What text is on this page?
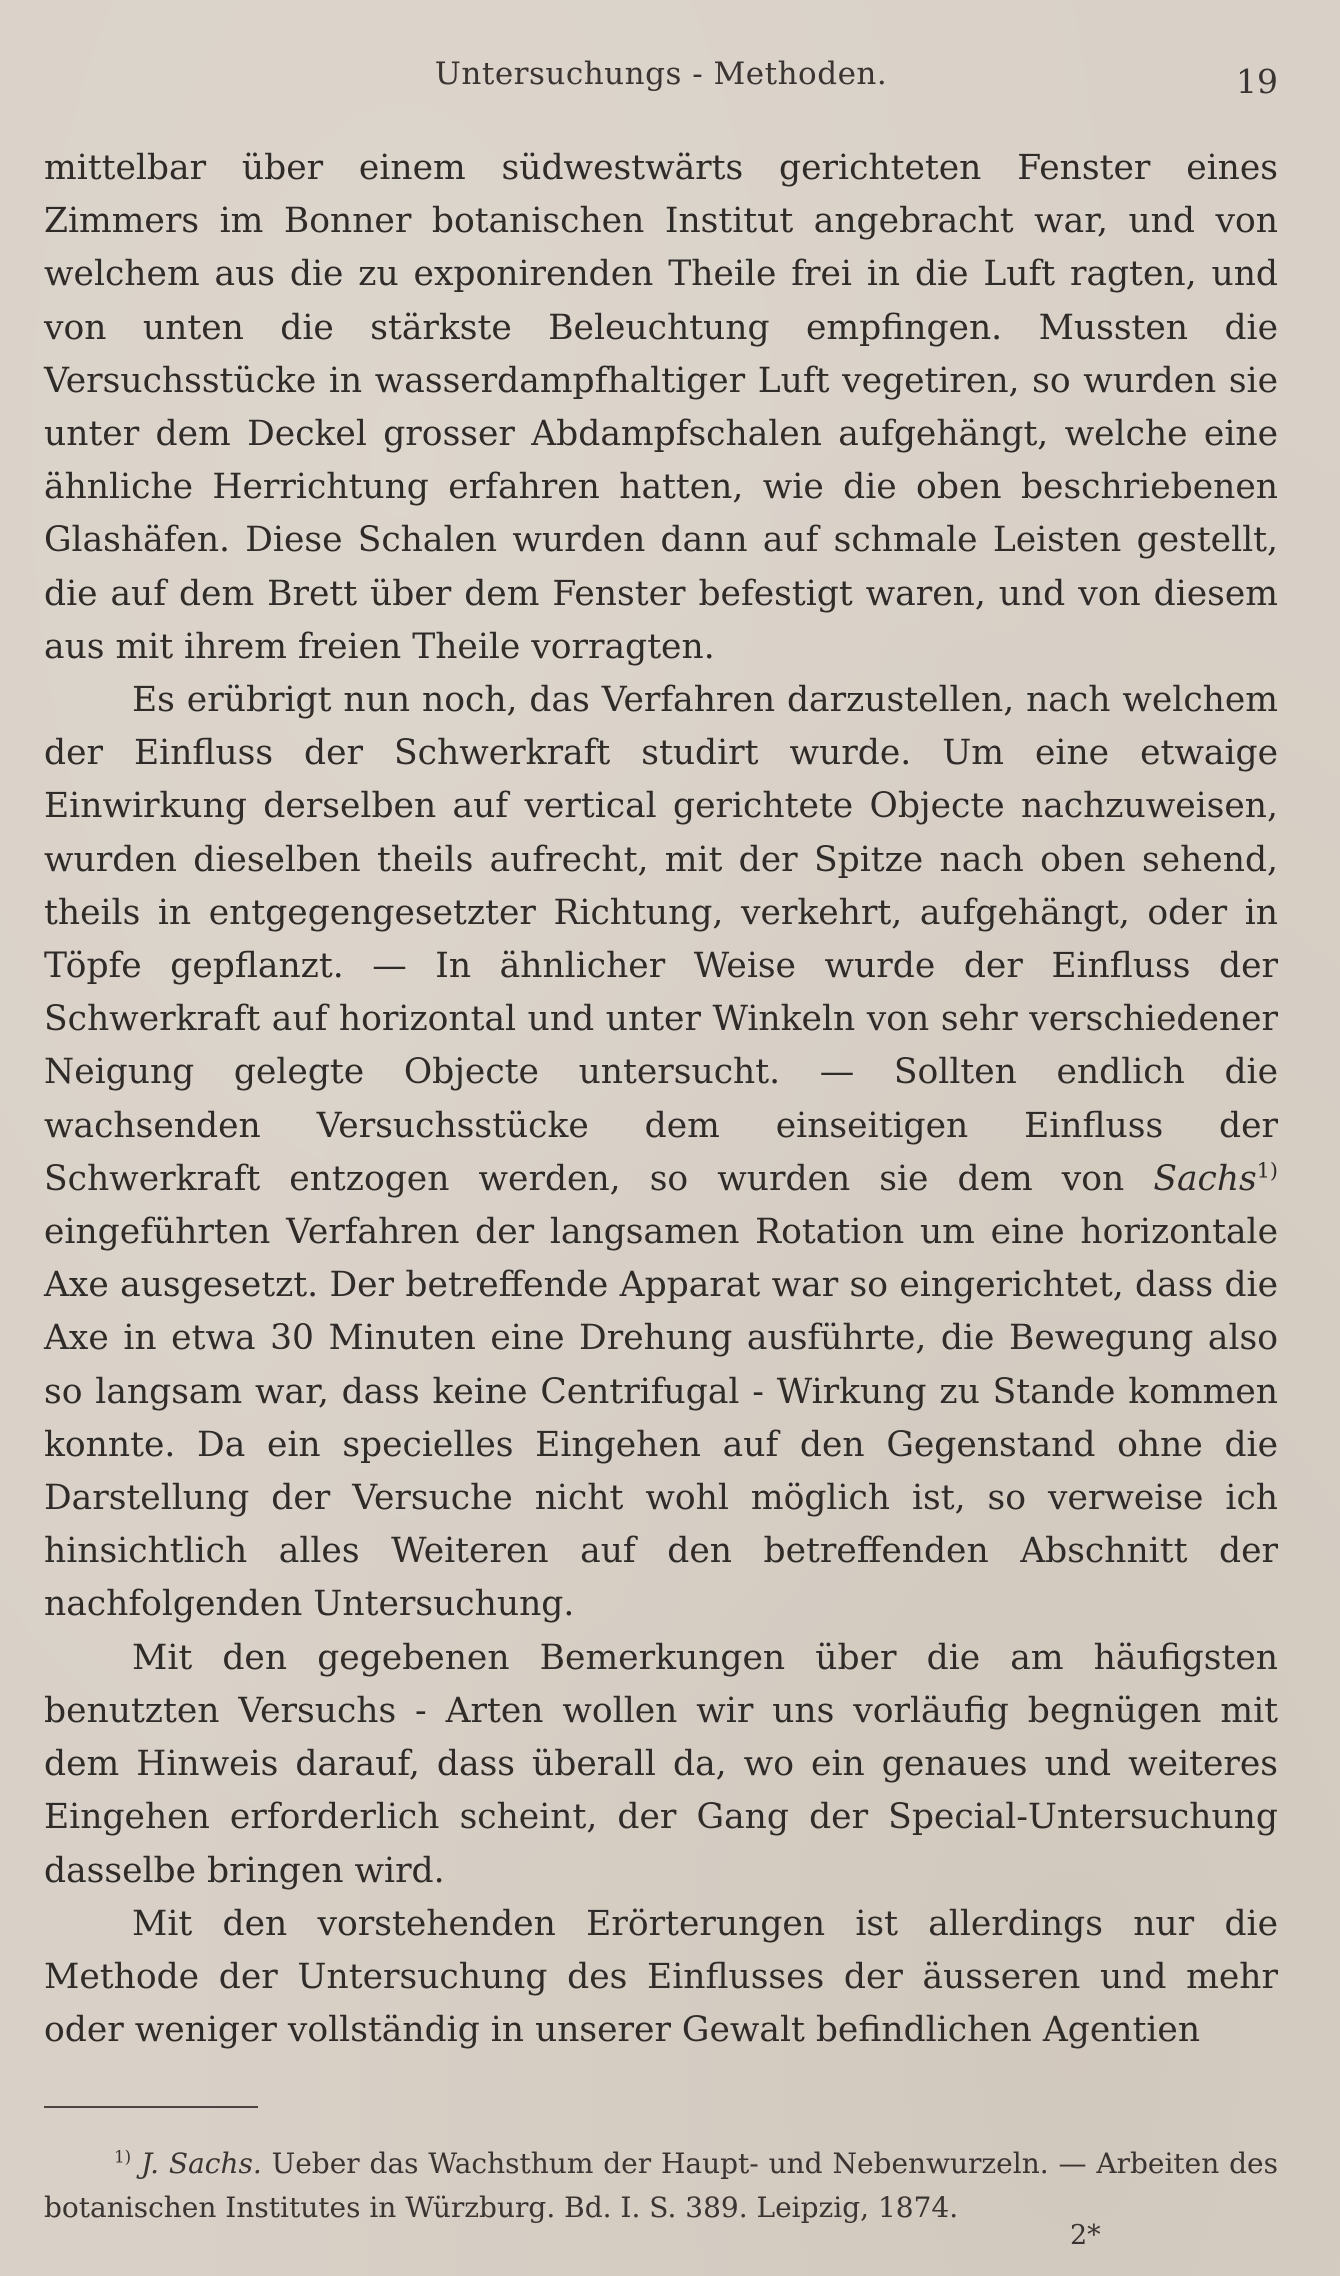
Untersuchungs - Methoden.	19

mittelbar über einem südwestwärts gerichteten Fenster eines Zimmers im Bonner botanischen Institut angebracht war, und von welchem aus die zu exponirenden Theile frei in die Luft ragten, und von unten die stärkste Beleuchtung empfingen. Mussten die Versuchsstücke in wasserdampfhaltiger Luft vegetiren, so wurden sie unter dem Deckel grosser Abdampfschalen aufgehängt, welche eine ähnliche Herrichtung erfahren hatten, wie die oben beschriebenen Glashäfen. Diese Schalen wurden dann auf schmale Leisten gestellt, die auf dem Brett über dem Fenster befestigt waren, und von diesem aus mit ihrem freien Theile vorragten.

Es erübrigt nun noch, das Verfahren darzustellen, nach welchem der Einfluss der Schwerkraft studirt wurde. Um eine etwaige Einwirkung derselben auf vertical gerichtete Objecte nachzuweisen, wurden dieselben theils aufrecht, mit der Spitze nach oben sehend, theils in entgegengesetzter Richtung, verkehrt, aufgehängt, oder in Töpfe gepflanzt. — In ähnlicher Weise wurde der Einfluss der Schwerkraft auf horizontal und unter Winkeln von sehr verschiedener Neigung gelegte Objecte untersucht. — Sollten endlich die wachsenden Versuchsstücke dem einseitigen Einfluss der Schwerkraft entzogen werden, so wurden sie dem von Sachs$^{1)}$ eingeführten Verfahren der langsamen Rotation um eine horizontale Axe ausgesetzt. Der betreffende Apparat war so eingerichtet, dass die Axe in etwa 30 Minuten eine Drehung ausführte, die Bewegung also so langsam war, dass keine Centrifugal - Wirkung zu Stande kommen konnte. Da ein specielles Eingehen auf den Gegenstand ohne die Darstellung der Versuche nicht wohl möglich ist, so verweise ich hinsichtlich alles Weiteren auf den betreffenden Abschnitt der nachfolgenden Untersuchung.

Mit den gegebenen Bemerkungen über die am häufigsten benutzten Versuchs - Arten wollen wir uns vorläufig begnügen mit dem Hinweis darauf, dass überall da, wo ein genaues und weiteres Eingehen erforderlich scheint, der Gang der Special-Untersuchung dasselbe bringen wird.

Mit den vorstehenden Erörterungen ist allerdings nur die Methode der Untersuchung des Einflusses der äusseren und mehr oder weniger vollständig in unserer Gewalt befindlichen Agentien

$^{1)}$ J. Sachs. Ueber das Wachsthum der Haupt- und Nebenwurzeln. — Arbeiten des botanischen Institutes in Würzburg. Bd. I. S. 389. Leipzig, 1874.

2*
